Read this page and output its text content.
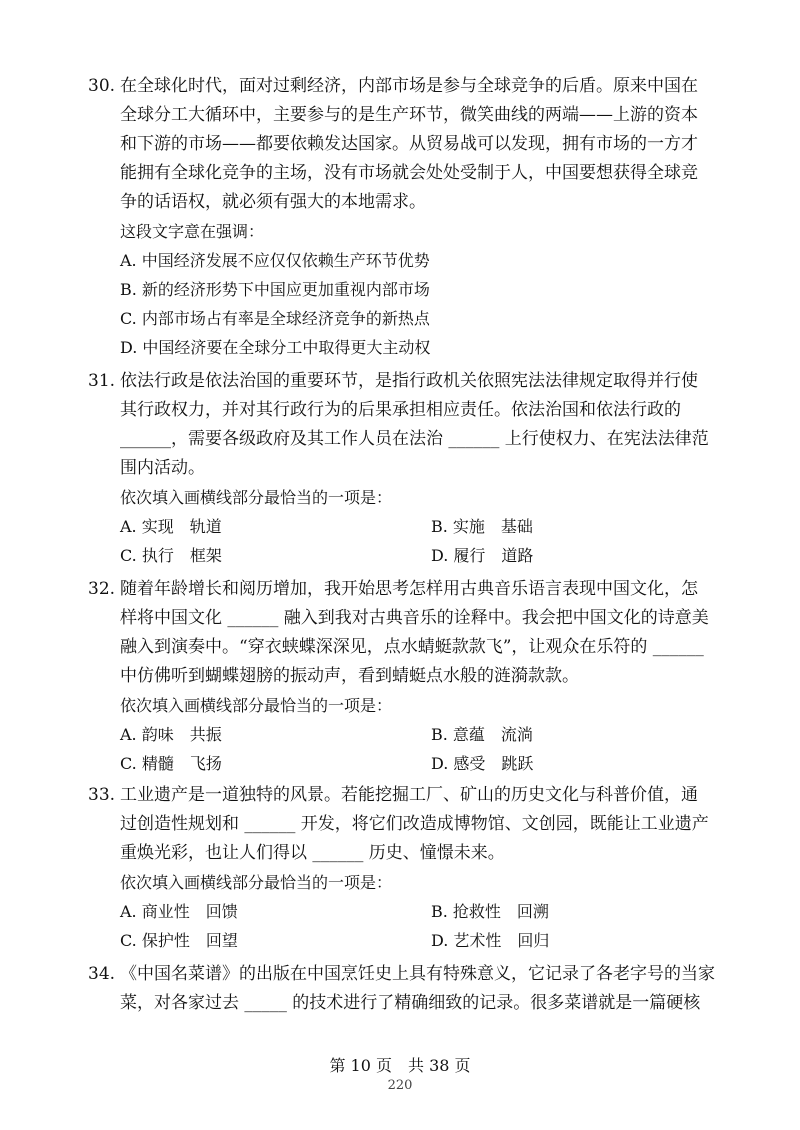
30. 在全球化时代，面对过剩经济，内部市场是参与全球竞争的后盾。原来中国在
全球分工大循环中，主要参与的是生产环节，微笑曲线的两端——上游的资本
和下游的市场——都要依赖发达国家。从贸易战可以发现，拥有市场的一方才
能拥有全球化竞争的主场，没有市场就会处处受制于人，中国要想获得全球竞
争的话语权，就必须有强大的本地需求。
这段文字意在强调：
A. 中国经济发展不应仅仅依赖生产环节优势
B. 新的经济形势下中国应更加重视内部市场
C. 内部市场占有率是全球经济竞争的新热点
D. 中国经济要在全球分工中取得更大主动权
31. 依法行政是依法治国的重要环节，是指行政机关依照宪法法律规定取得并行使
其行政权力，并对其行政行为的后果承担相应责任。依法治国和依法行政的
______，需要各级政府及其工作人员在法治 ______ 上行使权力、在宪法法律范
围内活动。
依次填入画横线部分最恰当的一项是：
A. 实现　轨道	B. 实施　基础
C. 执行　框架	D. 履行　道路
32. 随着年龄增长和阅历增加，我开始思考怎样用古典音乐语言表现中国文化，怎
样将中国文化 ______ 融入到我对古典音乐的诠释中。我会把中国文化的诗意美
融入到演奏中。“穿衣蛱蝶深深见，点水蜻蜓款款飞”，让观众在乐符的 ______
中仿佛听到蝴蝶翅膀的振动声，看到蜻蜓点水般的涟漪款款。
依次填入画横线部分最恰当的一项是：
A. 韵味　共振	B. 意蕴　流淌
C. 精髓　飞扬	D. 感受　跳跃
33. 工业遗产是一道独特的风景。若能挖掘工厂、矿山的历史文化与科普价值，通
过创造性规划和 ______ 开发，将它们改造成博物馆、文创园，既能让工业遗产
重焕光彩，也让人们得以 ______ 历史、憧憬未来。
依次填入画横线部分最恰当的一项是：
A. 商业性　回馈	B. 抢救性　回溯
C. 保护性　回望	D. 艺术性　回归
34. 《中国名菜谱》的出版在中国烹饪史上具有特殊意义，它记录了各老字号的当家
菜，对各家过去 _____ 的技术进行了精确细致的记录。很多菜谱就是一篇硬核
第 10 页　共 38 页
220
